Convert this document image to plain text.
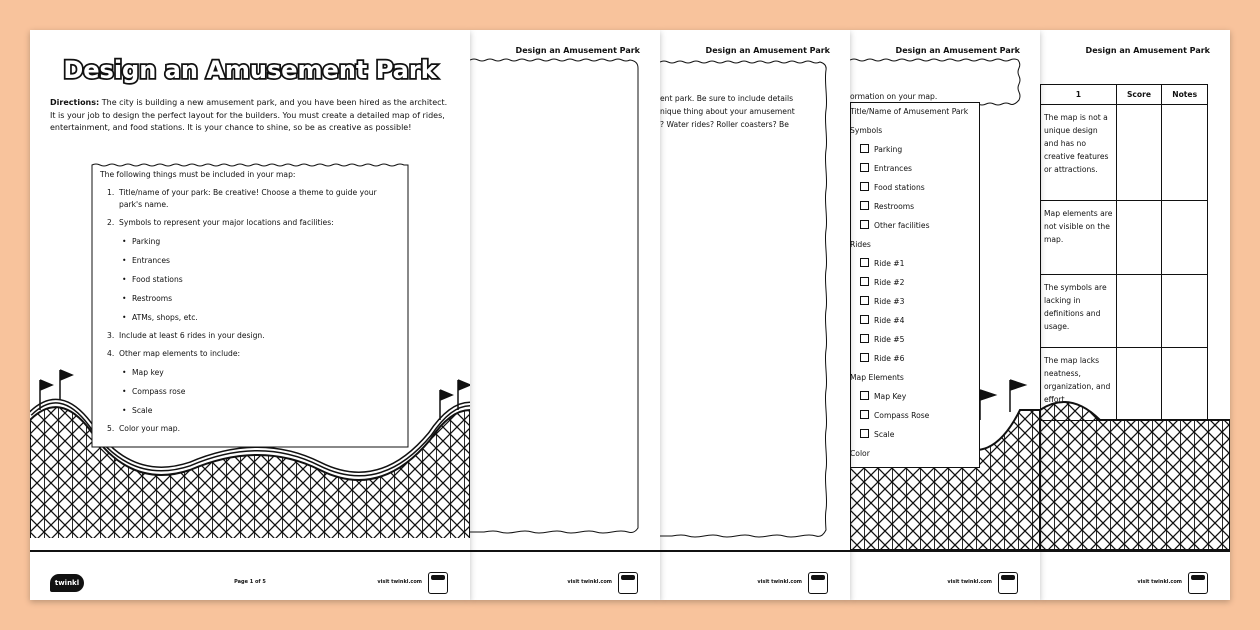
Design an Amusement Park
1	Score	Notes
The map is not a unique design and has no creative features or attractions.		
Map elements are not visible on the map.		
The symbols are lacking in definitions and usage.		
The map lacks neatness, organization, and effort.		
visit twinkl.com
Design an Amusement Park
ormation on your map.
Title/Name of Amusement Park
Symbols
Parking
Entrances
Food stations
Restrooms
Other facilities
Rides
Ride #1
Ride #2
Ride #3
Ride #4
Ride #5
Ride #6
Map Elements
Map Key
Compass Rose
Scale
Color
visit twinkl.com
Design an Amusement Park
ent park. Be sure to include details
nique thing about your amusement
? Water rides? Roller coasters? Be
visit twinkl.com
Design an Amusement Park
visit twinkl.com
Design an Amusement Park
Directions: The city is building a new amusement park, and you have been hired as the architect. It is your job to design the perfect layout for the builders. You must create a detailed map of rides, entertainment, and food stations. It is your chance to shine, so be as creative as possible!
The following things must be included in your map:
1. Title/name of your park: Be creative! Choose a theme to guide your park's name.
2. Symbols to represent your major locations and facilities:
• Parking
• Entrances
• Food stations
• Restrooms
• ATMs, shops, etc.
3. Include at least 6 rides in your design.
4. Other map elements to include:
• Map key
• Compass rose
• Scale
5. Color your map.
twinkl	Page 1 of 5	visit twinkl.com
